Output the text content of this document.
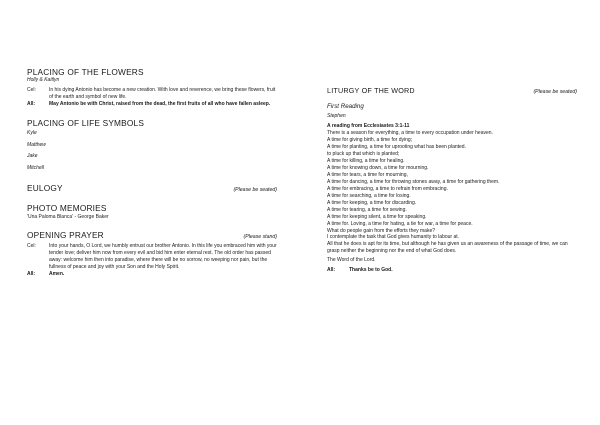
PLACING OF THE FLOWERS

Holly & Kaitlyn
Cel:	In his dying Antonio has become a new creation. With love and reverence, we bring these flowers, fruit of the earth and symbol of new life.
All:	May Antonio be with Christ, raised from the dead, the first fruits of all who have fallen asleep.

PLACING OF LIFE SYMBOLS

Kyle
Matthew
Jake
Mitchell

EULOGY	(Please be seated)

PHOTO MEMORIES

'Una Paloma Blanca' - George Baker

OPENING PRAYER	(Please stand)
Cel:	Into your hands, O Lord, we humbly entrust our brother Antonio. In this life you embraced him with your tender love; deliver him now from every evil and bid him enter eternal rest. The old order has passed away: welcome him then into paradise, where there will be no sorrow, no weeping nor pain, but the fullness of peace and joy with your Son and the Holy Spirit.
All:	Amen.

LITURGY OF THE WORD	(Please be seated)
First Reading
Stephen
A reading from Ecclesiastes 3:1-11
There is a season for everything, a time to every occupation under heaven.
A time for giving birth, a time for dying;
A time for planting, a time for uprooting what has been planted.
to pluck up that which is planted;
A time for killing, a time for healing.
A time for knowing down, a time for mourning.
A time for tears, a time for mourning,
A time for dancing, a time for throwing stones away, a time for gathering them.
A time for embracing, a time to refrain from embracing.
A time for searching, a time for losing.
A time for keeping, a time for discarding.
A time for tearing, a time for sewing.
A time for keeping silent, a time for speaking.
A time for. Loving, a time for hating, a tie for war, a time for peace.
What do people gain from the efforts they make?
I contemplate the task that God gives humanity to labour at.
All that he does is apt for its time, but although he has given us an awareness of the passage of time, we can grasp neither the beginning nor the end of what God does.
The Word of the Lord.
All:	Thanks be to God.
